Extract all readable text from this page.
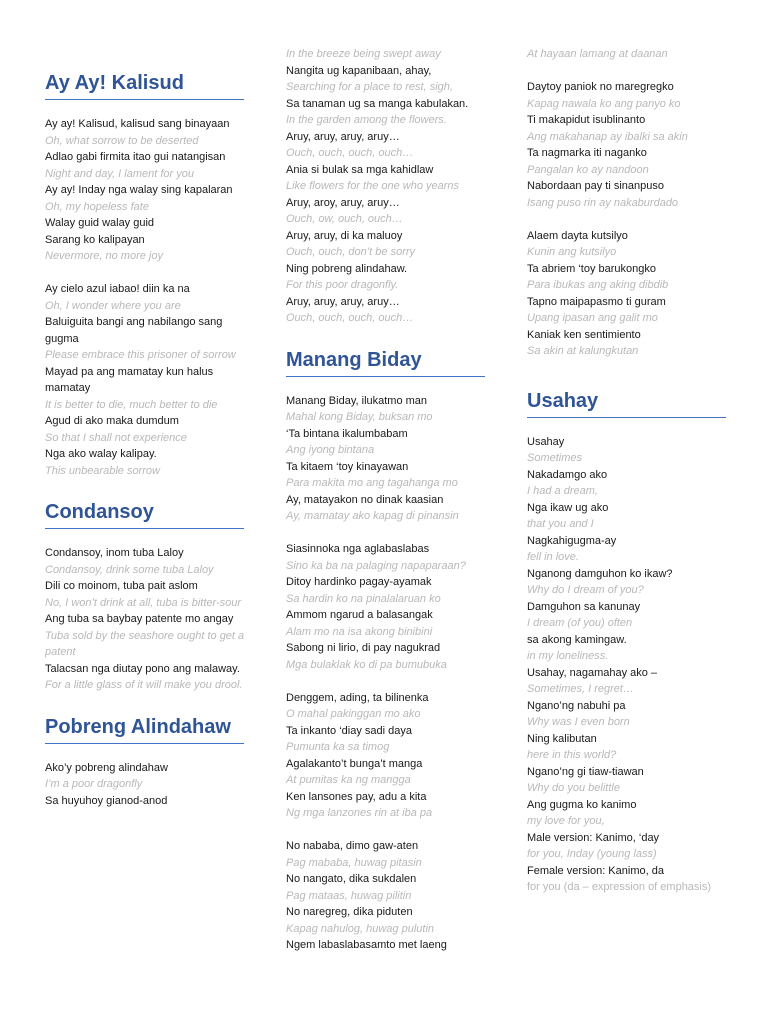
Ay Ay! Kalisud
Ay ay! Kalisud, kalisud sang binayaan
Oh, what sorrow to be deserted
Adlao gabi firmita itao gui natangisan
Night and day, I lament for you
Ay ay! Inday nga walay sing kapalaran
Oh, my hopeless fate
Walay guid walay guid
Sarang ko kalipayan
Nevermore, no more joy
Ay cielo azul iabao! diin ka na
Oh, I wonder where you are
Baluiguita bangi ang nabilango sang gugma
Please embrace this prisoner of sorrow
Mayad pa ang mamatay kun halus mamatay
It is better to die, much better to die
Agud di ako maka dumdum
So that I shall not experience
Nga ako walay kalipay.
This unbearable sorrow
Condansoy
Condansoy, inom tuba Laloy
Condansoy, drink some tuba Laloy
Dili co moinom, tuba pait aslom
No, I won’t drink at all, tuba is bitter-sour
Ang tuba sa baybay patente mo angay
Tuba sold by the seashore ought to get a patent
Talacsan nga diutay pono ang malaway.
For a little glass of it will make you drool.
Pobreng Alindahaw
Ako’y pobreng alindahaw
I’m a poor dragonfly
Sa huyuhoy gianod-anod
In the breeze being swept away
Nangita ug kapanibaan, ahay,
Searching for a place to rest, sigh,
Sa tanaman ug sa manga kabulakan.
In the garden among the flowers.
Aruy, aruy, aruy, aruy…
Ouch, ouch, ouch, ouch…
Ania si bulak sa mga kahidlaw
Like flowers for the one who yearns
Aruy, aroy, aruy, aruy…
Ouch, ow, ouch, ouch…
Aruy, aruy, di ka maluoy
Ouch, ouch, don’t be sorry
Ning pobreng alindahaw.
For this poor dragonfly.
Aruy, aruy, aruy, aruy…
Ouch, ouch, ouch, ouch…
Manang Biday
Manang Biday, ilukatmo man
Mahal kong Biday, buksan mo
‘Ta bintana ikalumbabam
Ang iyong bintana
Ta kitaem ‘toy kinayawan
Para makita mo ang tagahanga mo
Ay, matayakon no dinak kaasian
Ay, mamatay ako kapag di pinansin
Siasinnoka nga aglabaslabas
Sino ka ba na palaging napaparaan?
Ditoy hardinko pagay-ayamak
Sa hardin ko na pinalalaruan ko
Ammom ngarud a balasangak
Alam mo na isa akong binibini
Sabong ni lirio, di pay nagukrad
Mga bulaklak ko di pa bumubuka
Denggem, ading, ta bilinenka
O mahal pakinggan mo ako
Ta inkanto ‘diay sadi daya
Pumunta ka sa timog
Agalakanto’t bunga’t manga
At pumitas ka ng mangga
Ken lansones pay, adu a kita
Ng mga lanzones rin at iba pa
No nababa, dimo gaw-aten
Pag mababa, huwag pitasin
No nangato, dika sukdalen
Pag mataas, huwag pilitin
No naregreg, dika piduten
Kapag nahulog, huwag pulutin
Ngem labaslabasamto met laeng
At hayaan lamang at daanan
Daytoy paniok no maregregko
Kapag nawala ko ang panyo ko
Ti makapidut isublinanto
Ang makahanap ay ibalki sa akin
Ta nagmarka iti naganko
Pangalan ko ay nandoon
Nabordaan pay ti sinanpuso
Isang puso rin ay nakaburdado
Alaem dayta kutsilyo
Kunin ang kutsilyo
Ta abriem ‘toy barukongko
Para ibukas ang aking dibdib
Tapno maipapasmo ti guram
Upang ipasan ang galit mo
Kaniak ken sentimiento
Sa akin at kalungkutan
Usahay
Usahay
Sometimes
Nakadamgo ako
I had a dream,
Nga ikaw ug ako
that you and I
Nagkahigugma-ay
fell in love.
Nganong damguhon ko ikaw?
Why do I dream of you?
Damguhon sa kanunay
I dream (of you) often
sa akong kamingaw.
in my loneliness.
Usahay, nagamahay ako –
Sometimes, I regret…
Ngano’ng nabuhi pa
Why was I even born
Ning kalibutan
here in this world?
Ngano’ng gi tiaw-tiawan
Why do you belittle
Ang gugma ko kanimo
my love for you,
Male version: Kanimo, ‘day
for you, Inday (young lass)
Female version: Kanimo, da
for you (da – expression of emphasis)
